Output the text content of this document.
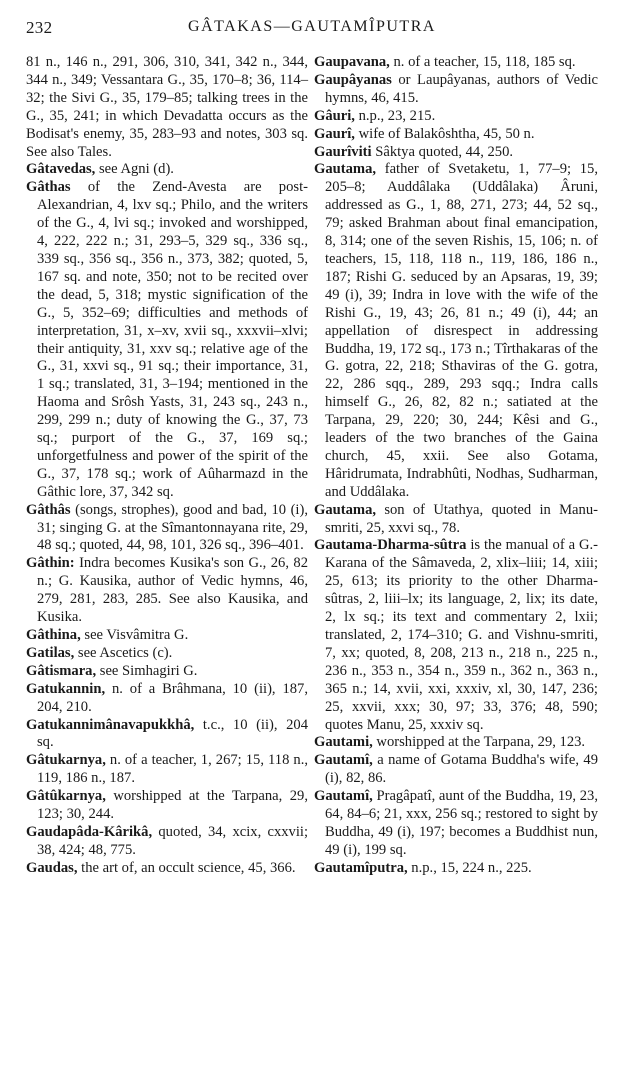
232	GÂTAKAS—GAUTAMÎPUTRA

81 n., 146 n., 291, 306, 310, 341, 342 n., 344, 344 n., 349; Vessantara G., 35, 170–8; 36, 114–32; the Sivi G., 35, 179–85; talking trees in the G., 35, 241; in which Devadatta occurs as the Bodisat's enemy, 35, 283–93 and notes, 303 sq. See also Tales.

Gâtavedas, see Agni (d).

Gâthas of the Zend-Avesta are post-Alexandrian, 4, lxv sq.; Philo, and the writers of the G., 4, lvi sq.; invoked and worshipped, 4, 222, 222 n.; 31, 293–5, 329 sq., 336 sq., 339 sq., 356 sq., 356 n., 373, 382; quoted, 5, 167 sq. and note, 350; not to be recited over the dead, 5, 318; mystic signification of the G., 5, 352–69; difficulties and methods of interpretation, 31, x–xv, xvii sq., xxxvii–xlvi; their antiquity, 31, xxv sq.; relative age of the G., 31, xxvi sq., 91 sq.; their importance, 31, 1 sq.; translated, 31, 3–194; mentioned in the Haoma and Srôsh Yasts, 31, 243 sq., 243 n., 299, 299 n.; duty of knowing the G., 37, 73 sq.; purport of the G., 37, 169 sq.; unforgetfulness and power of the spirit of the G., 37, 178 sq.; work of Aûharmazd in the Gâthic lore, 37, 342 sq.

Gâthâs (songs, strophes), good and bad, 10 (i), 31; singing G. at the Sîmantonnayana rite, 29, 48 sq.; quoted, 44, 98, 101, 326 sq., 396–401.

Gâthin: Indra becomes Kusika's son G., 26, 82 n.; G. Kausika, author of Vedic hymns, 46, 279, 281, 283, 285. See also Kausika, and Kusika.

Gâthina, see Visvâmitra G.

Gatilas, see Ascetics (c).

Gâtismara, see Simhagiri G.

Gatukannin, n. of a Brâhmana, 10 (ii), 187, 204, 210.

Gatukannimânavapukkhâ, t.c., 10 (ii), 204 sq.

Gâtukarnya, n. of a teacher, 1, 267; 15, 118 n., 119, 186 n., 187.

Gâtûkarnya, worshipped at the Tarpana, 29, 123; 30, 244.

Gaudapâda-Kârikâ, quoted, 34, xcix, cxxvii; 38, 424; 48, 775.

Gaudas, the art of, an occult science, 45, 366.

Gaupavana, n. of a teacher, 15, 118, 185 sq.

Gaupâyanas or Laupâyanas, authors of Vedic hymns, 46, 415.

Gâuri, n.p., 23, 215.

Gaurî, wife of Balakôshtha, 45, 50 n.

Gaurîviti Sâktya quoted, 44, 250.

Gautama, father of Svetaketu, 1, 77–9; 15, 205–8; Auddâlaka (Uddâlaka) Âruni, addressed as G., 1, 88, 271, 273; 44, 52 sq., 79; asked Brahman about final emancipation, 8, 314; one of the seven Rishis, 15, 106; n. of teachers, 15, 118, 118 n., 119, 186, 186 n., 187; Rishi G. seduced by an Apsaras, 19, 39; 49 (i), 39; Indra in love with the wife of the Rishi G., 19, 43; 26, 81 n.; 49 (i), 44; an appellation of disrespect in addressing Buddha, 19, 172 sq., 173 n.; Tîrthakaras of the G. gotra, 22, 218; Sthaviras of the G. gotra, 22, 286 sqq., 289, 293 sqq.; Indra calls himself G., 26, 82, 82 n.; satiated at the Tarpana, 29, 220; 30, 244; Kêsi and G., leaders of the two branches of the Gaina church, 45, xxii. See also Gotama, Hâridrumata, Indrabhûti, Nodhas, Sudharman, and Uddâlaka.

Gautama, son of Utathya, quoted in Manu-smriti, 25, xxvi sq., 78.

Gautama-Dharma-sûtra is the manual of a G.-Karana of the Sâmaveda, 2, xlix–liii; 14, xiii; 25, 613; its priority to the other Dharma-sûtras, 2, liii–lx; its language, 2, lix; its date, 2, lx sq.; its text and commentary 2, lxii; translated, 2, 174–310; G. and Vishnu-smriti, 7, xx; quoted, 8, 208, 213 n., 218 n., 225 n., 236 n., 353 n., 354 n., 359 n., 362 n., 363 n., 365 n.; 14, xvii, xxi, xxxiv, xl, 30, 147, 236; 25, xxvii, xxx; 30, 97; 33, 376; 48, 590; quotes Manu, 25, xxxiv sq.

Gautami, worshipped at the Tarpana, 29, 123.

Gautamî, a name of Gotama Buddha's wife, 49 (i), 82, 86.

Gautamî, Pragâpatî, aunt of the Buddha, 19, 23, 64, 84–6; 21, xxx, 256 sq.; restored to sight by Buddha, 49 (i), 197; becomes a Buddhist nun, 49 (i), 199 sq.

Gautamîputra, n.p., 15, 224 n., 225.
